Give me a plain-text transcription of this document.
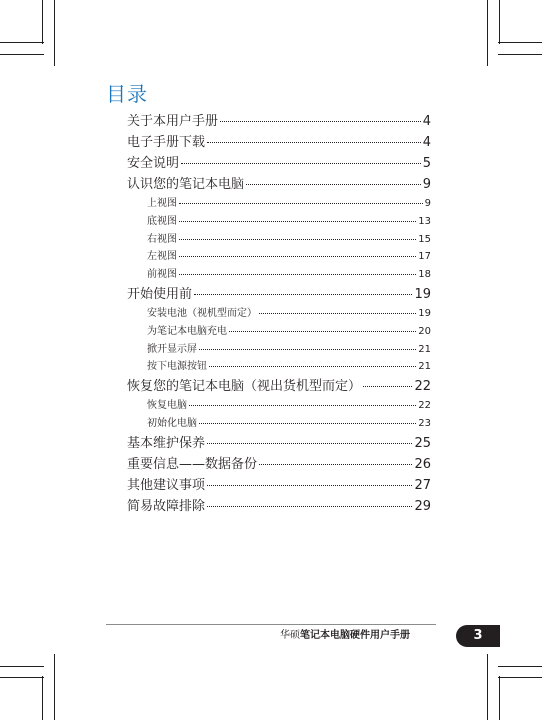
目录
关于本用户手册	4
电子手册下载	4
安全说明	5
认识您的笔记本电脑	9
上视图	9
底视图	13
右视图	15
左视图	17
前视图	18
开始使用前	19
安装电池（视机型而定）	19
为笔记本电脑充电	20
掀开显示屏	21
按下电源按钮	21
恢复您的笔记本电脑（视出货机型而定）	22
恢复电脑	22
初始化电脑	23
基本维护保养	25
重要信息——数据备份	26
其他建议事项	27
简易故障排除	29
华硕笔记本电脑硬件用户手册	3
